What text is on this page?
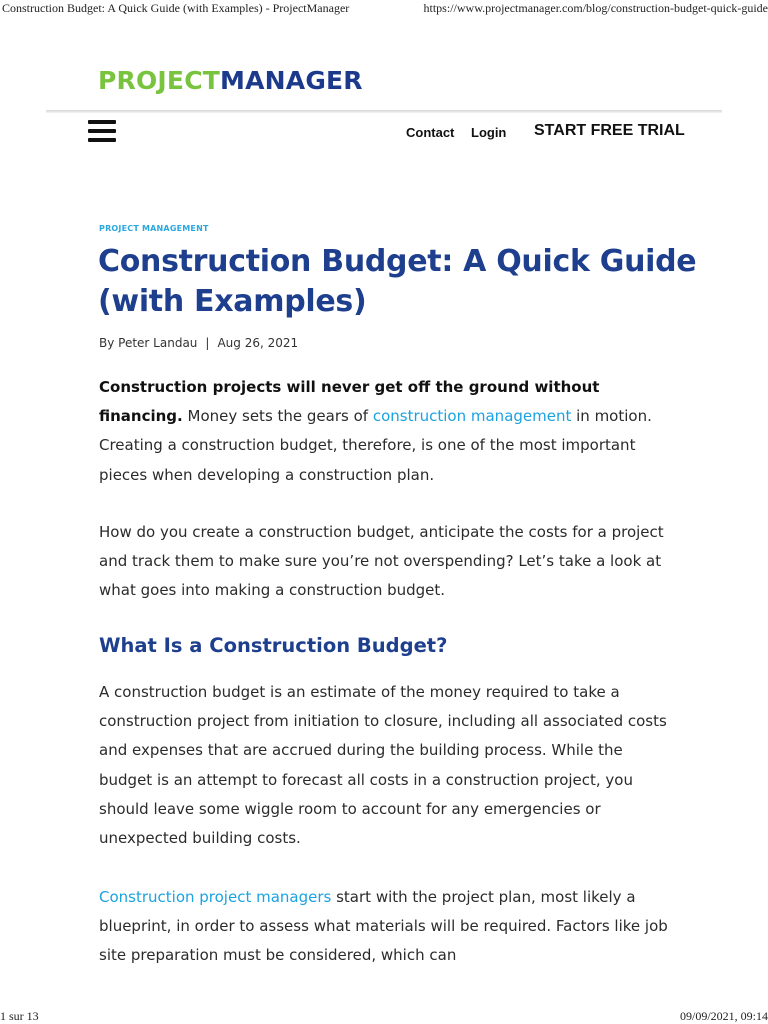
Construction Budget: A Quick Guide (with Examples) - ProjectManager	https://www.projectmanager.com/blog/construction-budget-quick-guide
PROJECTMANAGER
Contact Login START FREE TRIAL
PROJECT MANAGEMENT
Construction Budget: A Quick Guide (with Examples)
By Peter Landau | Aug 26, 2021

Construction projects will never get off the ground without financing. Money sets the gears of construction management in motion. Creating a construction budget, therefore, is one of the most important pieces when developing a construction plan.

How do you create a construction budget, anticipate the costs for a project and track them to make sure you’re not overspending? Let’s take a look at what goes into making a construction budget.

What Is a Construction Budget?

A construction budget is an estimate of the money required to take a construction project from initiation to closure, including all associated costs and expenses that are accrued during the building process. While the budget is an attempt to forecast all costs in a construction project, you should leave some wiggle room to account for any emergencies or unexpected building costs.

Construction project managers start with the project plan, most likely a blueprint, in order to assess what materials will be required. Factors like job site preparation must be considered, which can

1 sur 13	09/09/2021, 09:14
